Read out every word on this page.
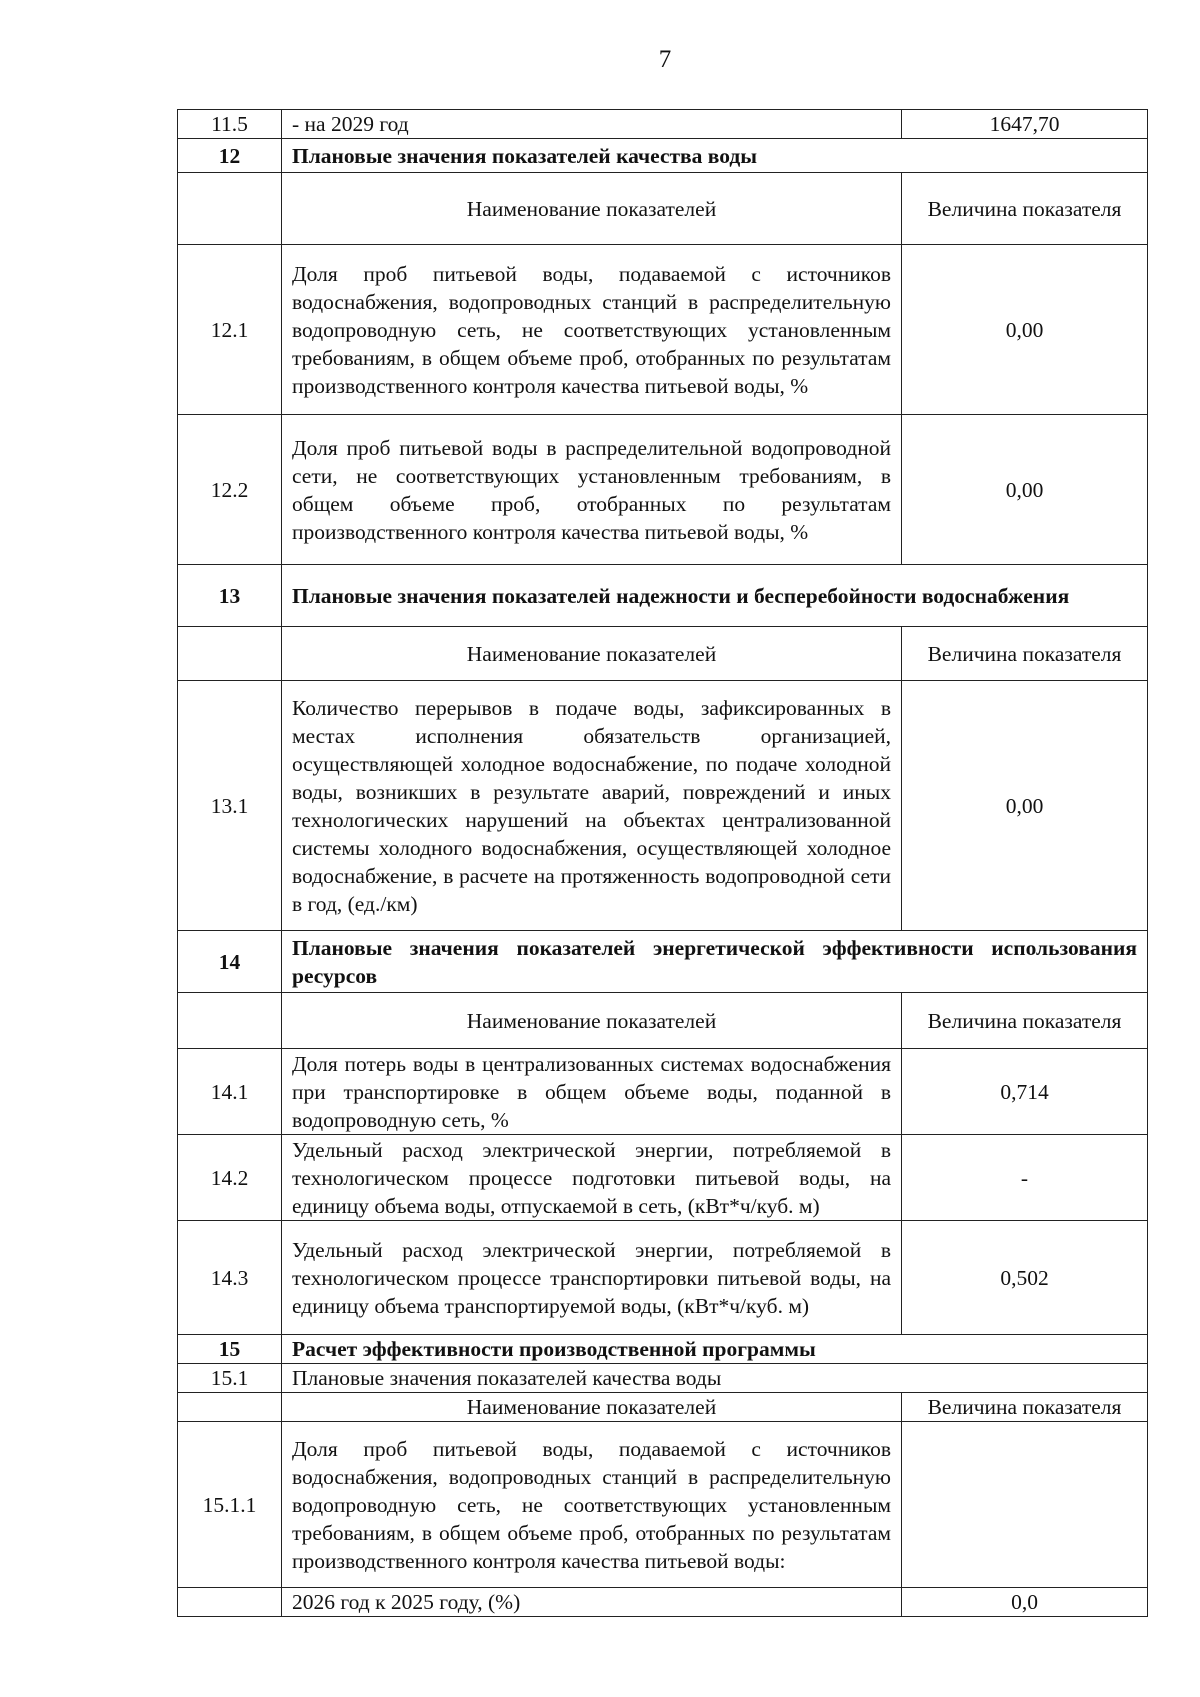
7
11.5	- на 2029 год	1647,70
12	Плановые значения показателей качества воды	
	Наименование показателей	Величина показателя
12.1	Доля проб питьевой воды, подаваемой с источников водоснабжения, водопроводных станций в распределительную водопроводную сеть, не соответствующих установленным требованиям, в общем объеме проб, отобранных по результатам производственного контроля качества питьевой воды, %	0,00
12.2	Доля проб питьевой воды в распределительной водопроводной сети, не соответствующих установленным требованиям, в общем объеме проб, отобранных по результатам производственного контроля качества питьевой воды, %	0,00
13	Плановые значения показателей надежности и бесперебойности водоснабжения	
	Наименование показателей	Величина показателя
13.1	Количество перерывов в подаче воды, зафиксированных в местах исполнения обязательств организацией, осуществляющей холодное водоснабжение, по подаче холодной воды, возникших в результате аварий, повреждений и иных технологических нарушений на объектах централизованной системы холодного водоснабжения, осуществляющей холодное водоснабжение, в расчете на протяженность водопроводной сети в год, (ед./км)	0,00
14	Плановые значения показателей энергетической эффективности использования ресурсов	
	Наименование показателей	Величина показателя
14.1	Доля потерь воды в централизованных системах водоснабжения при транспортировке в общем объеме воды, поданной в водопроводную сеть, %	0,714
14.2	Удельный расход электрической энергии, потребляемой в технологическом процессе подготовки питьевой воды, на единицу объема воды, отпускаемой в сеть, (кВт*ч/куб. м)	-
14.3	Удельный расход электрической энергии, потребляемой в технологическом процессе транспортировки питьевой воды, на единицу объема транспортируемой воды, (кВт*ч/куб. м)	0,502
15	Расчет эффективности производственной программы	
15.1	Плановые значения показателей качества воды	
	Наименование показателей	Величина показателя
15.1.1	Доля проб питьевой воды, подаваемой с источников водоснабжения, водопроводных станций в распределительную водопроводную сеть, не соответствующих установленным требованиям, в общем объеме проб, отобранных по результатам производственного контроля качества питьевой воды:	
	2026 год к 2025 году, (%)	0,0
